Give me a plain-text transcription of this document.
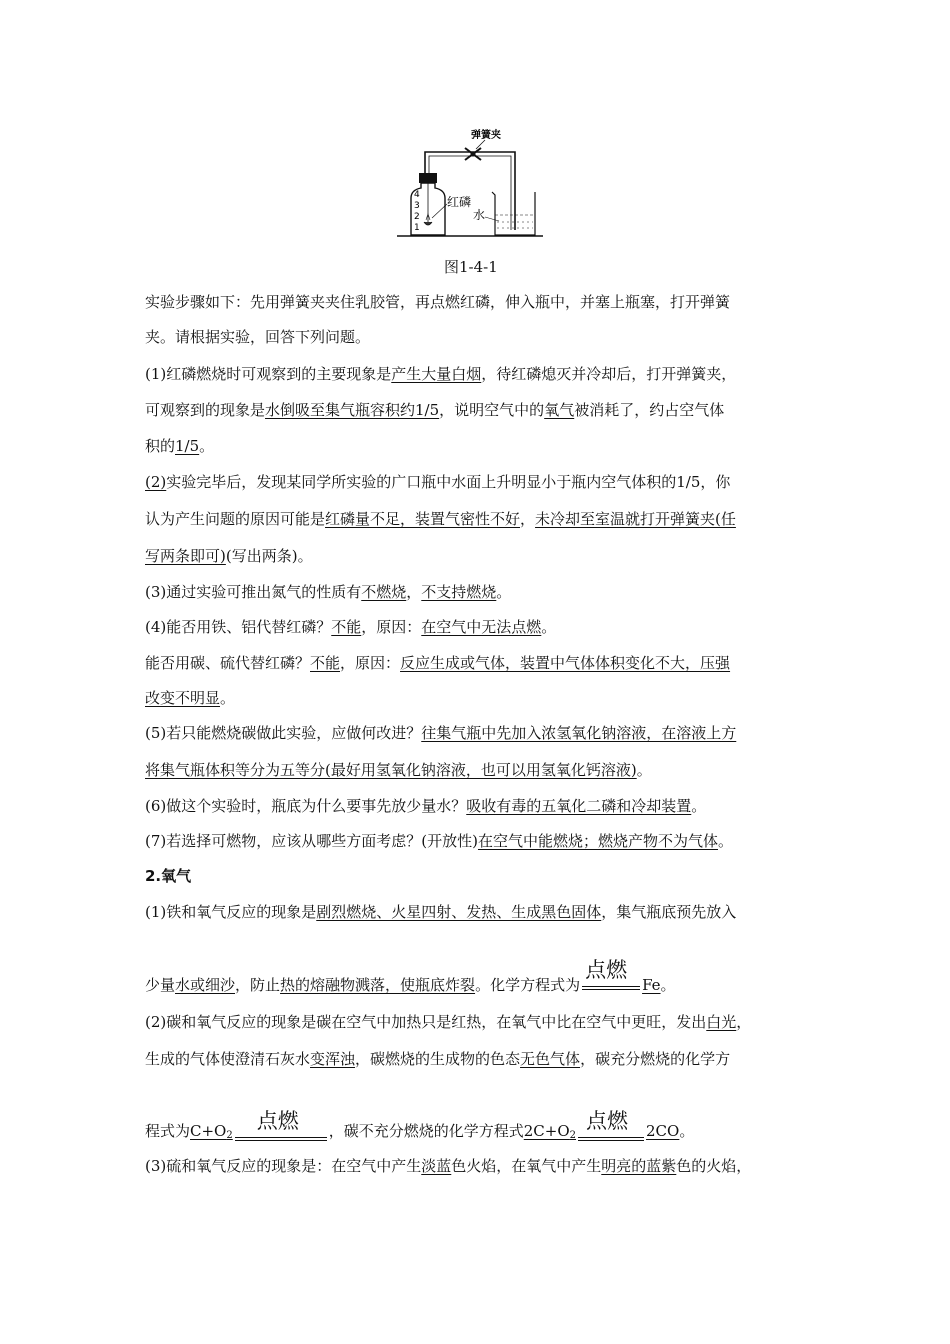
弹簧夹
4
3
2
1
红磷
水
图1-4-1
实验步骤如下：先用弹簧夹夹住乳胶管，再点燃红磷，伸入瓶中，并塞上瓶塞，打开弹簧
夹。请根据实验，回答下列问题。
(1)红磷燃烧时可观察到的主要现象是产生大量白烟，待红磷熄灭并冷却后，打开弹簧夹，
可观察到的现象是水倒吸至集气瓶容积约1/5，说明空气中的氧气被消耗了，约占空气体
积的1/5。
(2)实验完毕后，发现某同学所实验的广口瓶中水面上升明显小于瓶内空气体积的1/5，你
认为产生问题的原因可能是红磷量不足，装置气密性不好，未冷却至室温就打开弹簧夹(任
写两条即可)(写出两条)。
(3)通过实验可推出氮气的性质有不燃烧，不支持燃烧。
(4)能否用铁、铝代替红磷？不能，原因：在空气中无法点燃。
能否用碳、硫代替红磷？不能，原因：反应生成或气体，装置中气体体积变化不大，压强
改变不明显。
(5)若只能燃烧碳做此实验，应做何改进？往集气瓶中先加入浓氢氧化钠溶液，在溶液上方
将集气瓶体积等分为五等分(最好用氢氧化钠溶液，也可以用氢氧化钙溶液)。
(6)做这个实验时，瓶底为什么要事先放少量水？吸收有毒的五氧化二磷和冷却装置。
(7)若选择可燃物，应该从哪些方面考虑？(开放性)在空气中能燃烧；燃烧产物不为气体。
2.氧气
(1)铁和氧气反应的现象是剧烈燃烧、火星四射、发热、生成黑色固体，集气瓶底预先放入
少量水或细沙，防止热的熔融物溅落，使瓶底炸裂。化学方程式为
点燃
Fe。
(2)碳和氧气反应的现象是碳在空气中加热只是红热，在氧气中比在空气中更旺，发出白光，
生成的气体使澄清石灰水变浑浊，碳燃烧的生成物的色态无色气体，碳充分燃烧的化学方
程式为$C+O_2$
点燃 ，碳不充分燃烧的化学方程式$2C+O_2$
点燃 2CO。
(3)硫和氧气反应的现象是：在空气中产生淡蓝色火焰，在氧气中产生明亮的蓝紫色的火焰，
